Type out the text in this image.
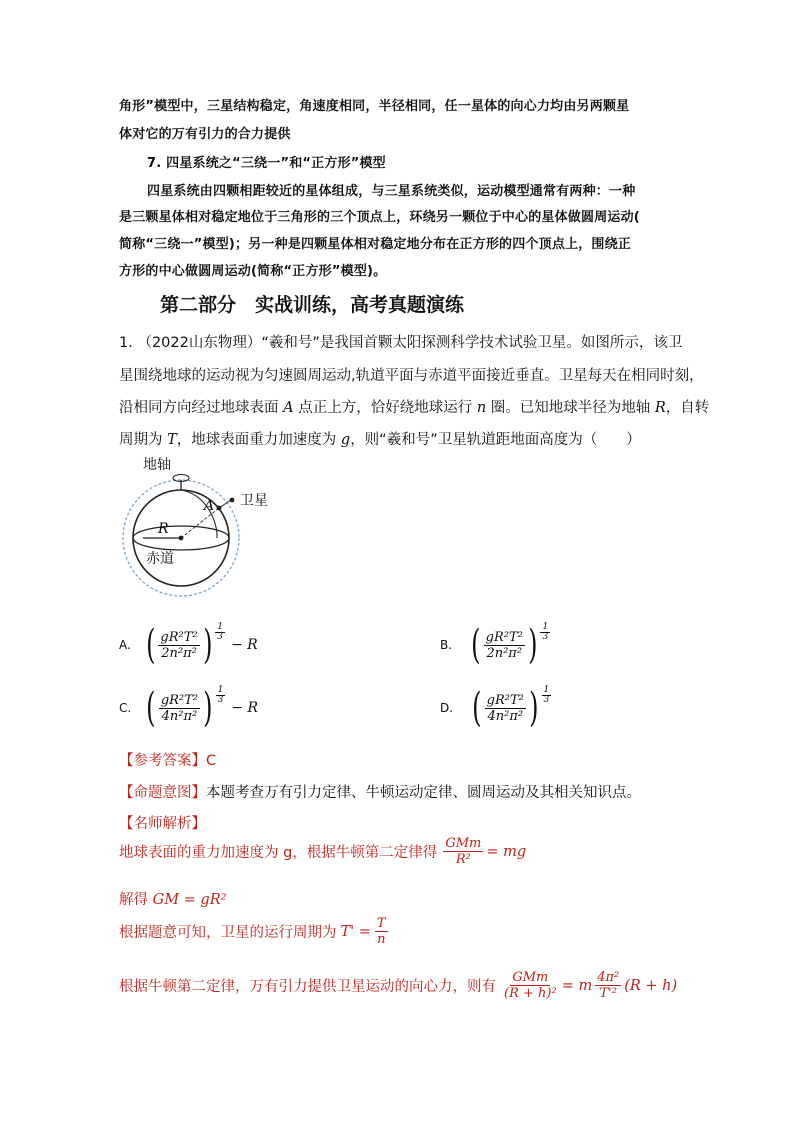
角形”模型中，三星结构稳定，角速度相同，半径相同，任一星体的向心力均由另两颗星
体对它的万有引力的合力提供
7. 四星系统之“三绕一”和“正方形”模型
四星系统由四颗相距较近的星体组成，与三星系统类似，运动模型通常有两种：一种
是三颗星体相对稳定地位于三角形的三个顶点上，环绕另一颗位于中心的星体做圆周运动(
简称“三绕一”模型)；另一种是四颗星体相对稳定地分布在正方形的四个顶点上，围绕正
方形的中心做圆周运动(简称“正方形”模型)。
第二部分　实战训练，高考真题演练
1. （2022山东物理）“羲和号”是我国首颗太阳探测科学技术试验卫星。如图所示，该卫
星围绕地球的运动视为匀速圆周运动,轨道平面与赤道平面接近垂直。卫星每天在相同时刻，
沿相同方向经过地球表面 A 点正上方，恰好绕地球运行 n 圈。已知地球半径为地轴 R，自转
周期为 T，地球表面重力加速度为 g，则“羲和号”卫星轨道距地面高度为（　　）
地轴
卫星
A
R
赤道
A. ( $\frac{\text{gR²T²}}{\text{2n²π²}}$ ) $\frac{1}{3}$
− R	B. ( $\frac{\text{gR²T²}}{\text{2n²π²}}$ ) $\frac{1}{3}$
C. ( $\frac{\text{gR²T²}}{\text{4n²π²}}$ ) $\frac{1}{3}$
− R	D. ( $\frac{\text{gR²T²}}{\text{4n²π²}}$ ) $\frac{1}{3}$
【参考答案】C
【命题意图】本题考查万有引力定律、牛顿运动定律、圆周运动及其相关知识点。
【名师解析】
地球表面的重力加速度为 g，根据牛顿第二定律得 $\frac{\text{GMm}}{\text{R²}}$ = mg
解得 GM = gR²
根据题意可知，卫星的运行周期为 $T' = \frac{T}{n}$
根据牛顿第二定律，万有引力提供卫星运动的向心力，则有 $\frac{\text{GMm}}{\text{(R + h)²}} = m \frac{\text{4π²}}{\text{T'²}} (R + h)$
